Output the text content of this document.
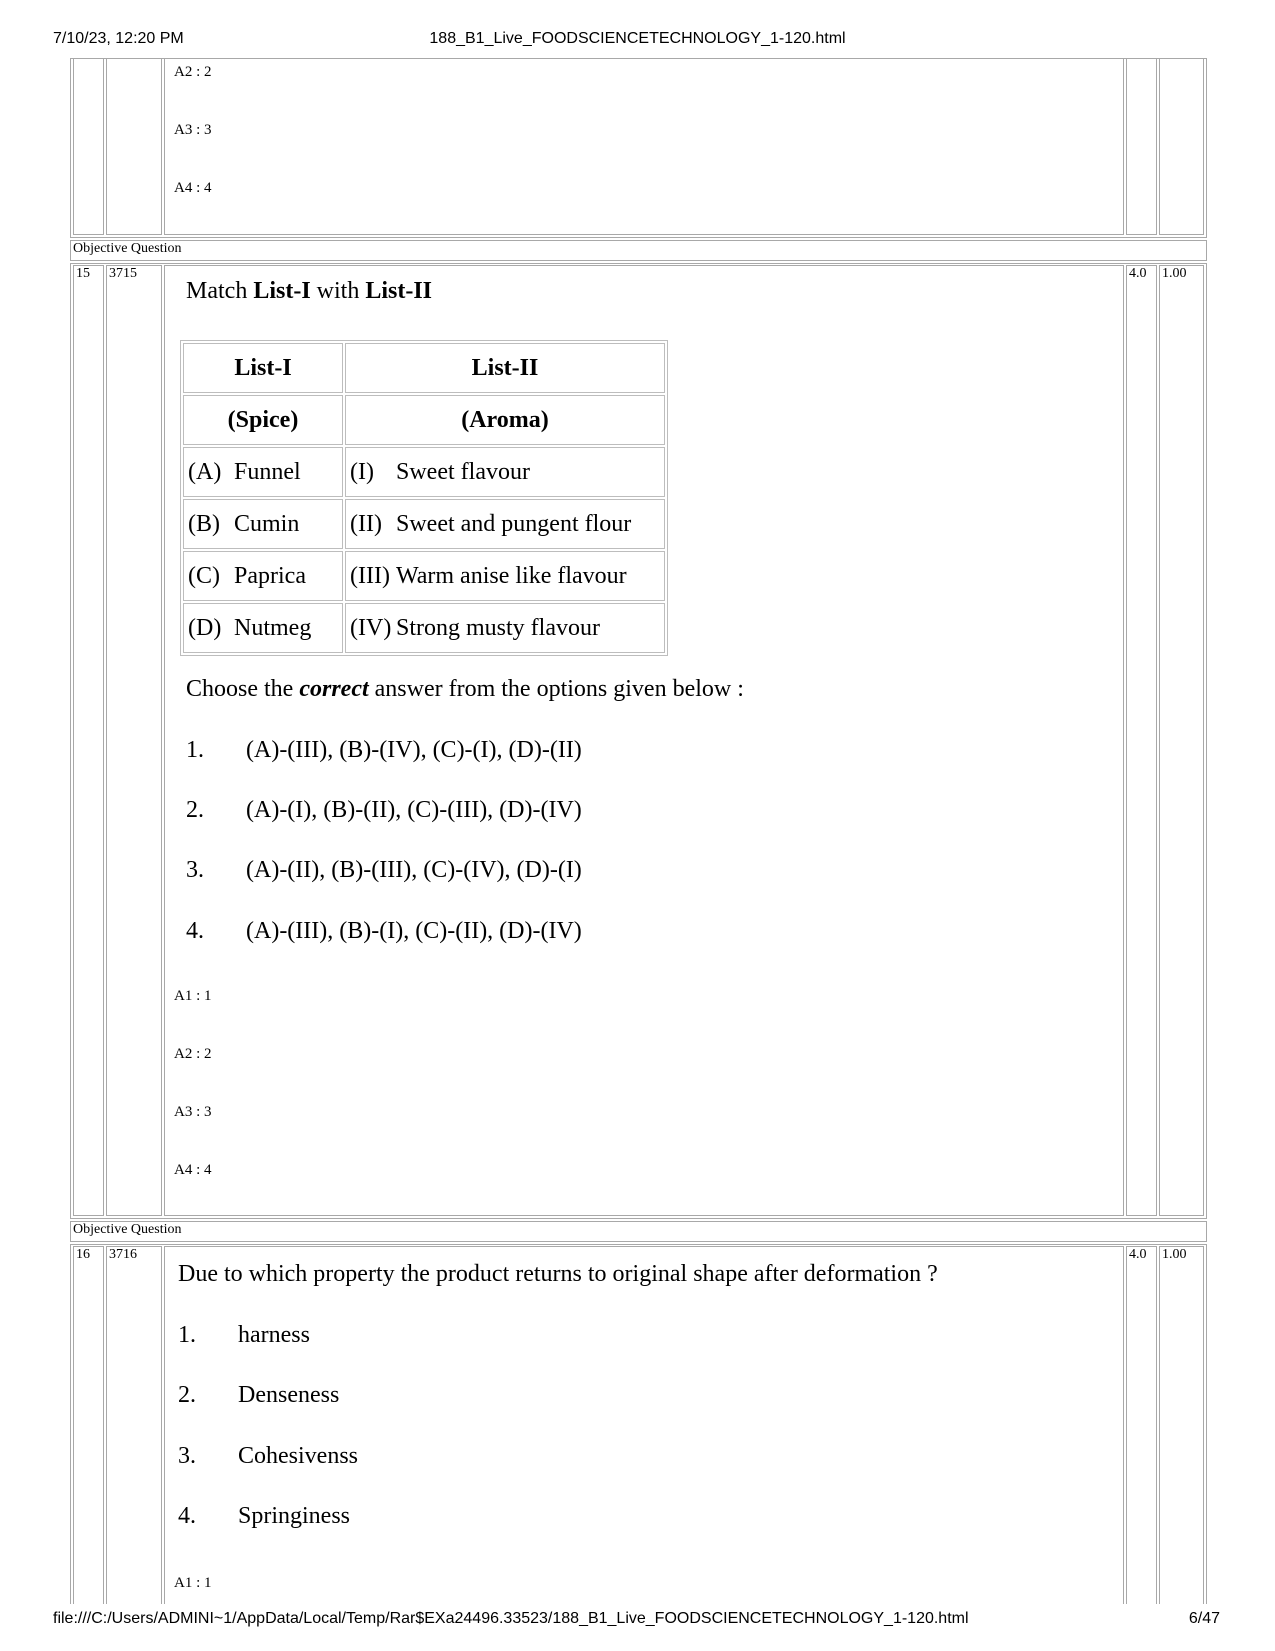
7/10/23, 12:20 PM	188_B1_Live_FOODSCIENCETECHNOLOGY_1-120.html
file:///C:/Users/ADMINI~1/AppData/Local/Temp/Rar$EXa24496.33523/188_B1_Live_FOODSCIENCETECHNOLOGY_1-120.html	6/47
A2 : 2
A3 : 3
A4 : 4
Objective Question
15 3715	4.0 1.00
Match List-I with List-II
List-I	List-II
(Spice)	(Aroma)
(A) Funnel	(I) Sweet flavour
(B) Cumin	(II) Sweet and pungent flour
(C) Paprica	(III) Warm anise like flavour
(D) Nutmeg	(IV) Strong musty flavour
Choose the correct answer from the options given below :
1. (A)-(III), (B)-(IV), (C)-(I), (D)-(II)
2. (A)-(I), (B)-(II), (C)-(III), (D)-(IV)
3. (A)-(II), (B)-(III), (C)-(IV), (D)-(I)
4. (A)-(III), (B)-(I), (C)-(II), (D)-(IV)
A1 : 1
A2 : 2
A3 : 3
A4 : 4
Objective Question
16 3716	4.0 1.00
Due to which property the product returns to original shape after deformation ?
1. harness
2. Denseness
3. Cohesivenss
4. Springiness
A1 : 1
